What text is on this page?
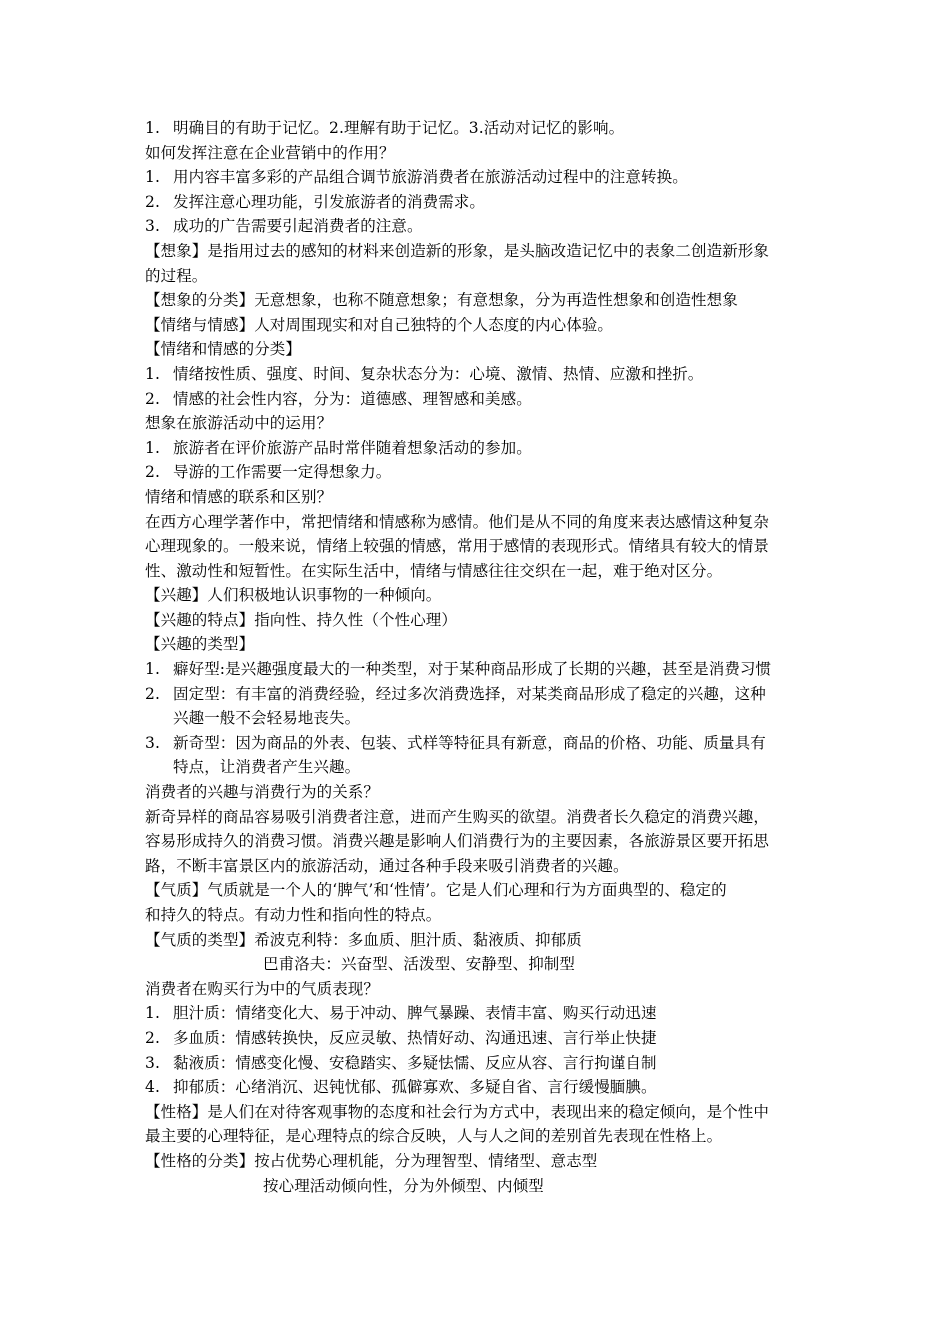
1. 明确目的有助于记忆。2.理解有助于记忆。3.活动对记忆的影响。
如何发挥注意在企业营销中的作用？
1. 用内容丰富多彩的产品组合调节旅游消费者在旅游活动过程中的注意转换。
2. 发挥注意心理功能，引发旅游者的消费需求。
3. 成功的广告需要引起消费者的注意。
【想象】是指用过去的感知的材料来创造新的形象，是头脑改造记忆中的表象二创造新形象
的过程。
【想象的分类】无意想象，也称不随意想象；有意想象，分为再造性想象和创造性想象
【情绪与情感】人对周围现实和对自己独特的个人态度的内心体验。
【情绪和情感的分类】
1. 情绪按性质、强度、时间、复杂状态分为：心境、激情、热情、应激和挫折。
2. 情感的社会性内容，分为：道德感、理智感和美感。
想象在旅游活动中的运用？
1. 旅游者在评价旅游产品时常伴随着想象活动的参加。
2. 导游的工作需要一定得想象力。
情绪和情感的联系和区别？
在西方心理学著作中，常把情绪和情感称为感情。他们是从不同的角度来表达感情这种复杂
心理现象的。一般来说，情绪上较强的情感，常用于感情的表现形式。情绪具有较大的情景
性、激动性和短暂性。在实际生活中，情绪与情感往往交织在一起，难于绝对区分。
【兴趣】人们积极地认识事物的一种倾向。
【兴趣的特点】指向性、持久性（个性心理）
【兴趣的类型】
1. 癖好型:是兴趣强度最大的一种类型，对于某种商品形成了长期的兴趣，甚至是消费习惯
2. 固定型：有丰富的消费经验，经过多次消费选择，对某类商品形成了稳定的兴趣，这种
兴趣一般不会轻易地丧失。
3. 新奇型：因为商品的外表、包装、式样等特征具有新意，商品的价格、功能、质量具有
特点，让消费者产生兴趣。
消费者的兴趣与消费行为的关系？
新奇异样的商品容易吸引消费者注意，进而产生购买的欲望。消费者长久稳定的消费兴趣，
容易形成持久的消费习惯。消费兴趣是影响人们消费行为的主要因素，各旅游景区要开拓思
路，不断丰富景区内的旅游活动，通过各种手段来吸引消费者的兴趣。
【气质】气质就是一个人的‘脾气’和‘性情’。它是人们心理和行为方面典型的、稳定的
和持久的特点。有动力性和指向性的特点。
【气质的类型】希波克利特：多血质、胆汁质、黏液质、抑郁质
巴甫洛夫：兴奋型、活泼型、安静型、抑制型
消费者在购买行为中的气质表现？
1. 胆汁质：情绪变化大、易于冲动、脾气暴躁、表情丰富、购买行动迅速
2. 多血质：情感转换快，反应灵敏、热情好动、沟通迅速、言行举止快捷
3. 黏液质：情感变化慢、安稳踏实、多疑怯懦、反应从容、言行拘谨自制
4. 抑郁质：心绪消沉、迟钝忧郁、孤僻寡欢、多疑自省、言行缓慢腼腆。
【性格】是人们在对待客观事物的态度和社会行为方式中，表现出来的稳定倾向，是个性中
最主要的心理特征，是心理特点的综合反映，人与人之间的差别首先表现在性格上。
【性格的分类】按占优势心理机能，分为理智型、情绪型、意志型
按心理活动倾向性，分为外倾型、内倾型
